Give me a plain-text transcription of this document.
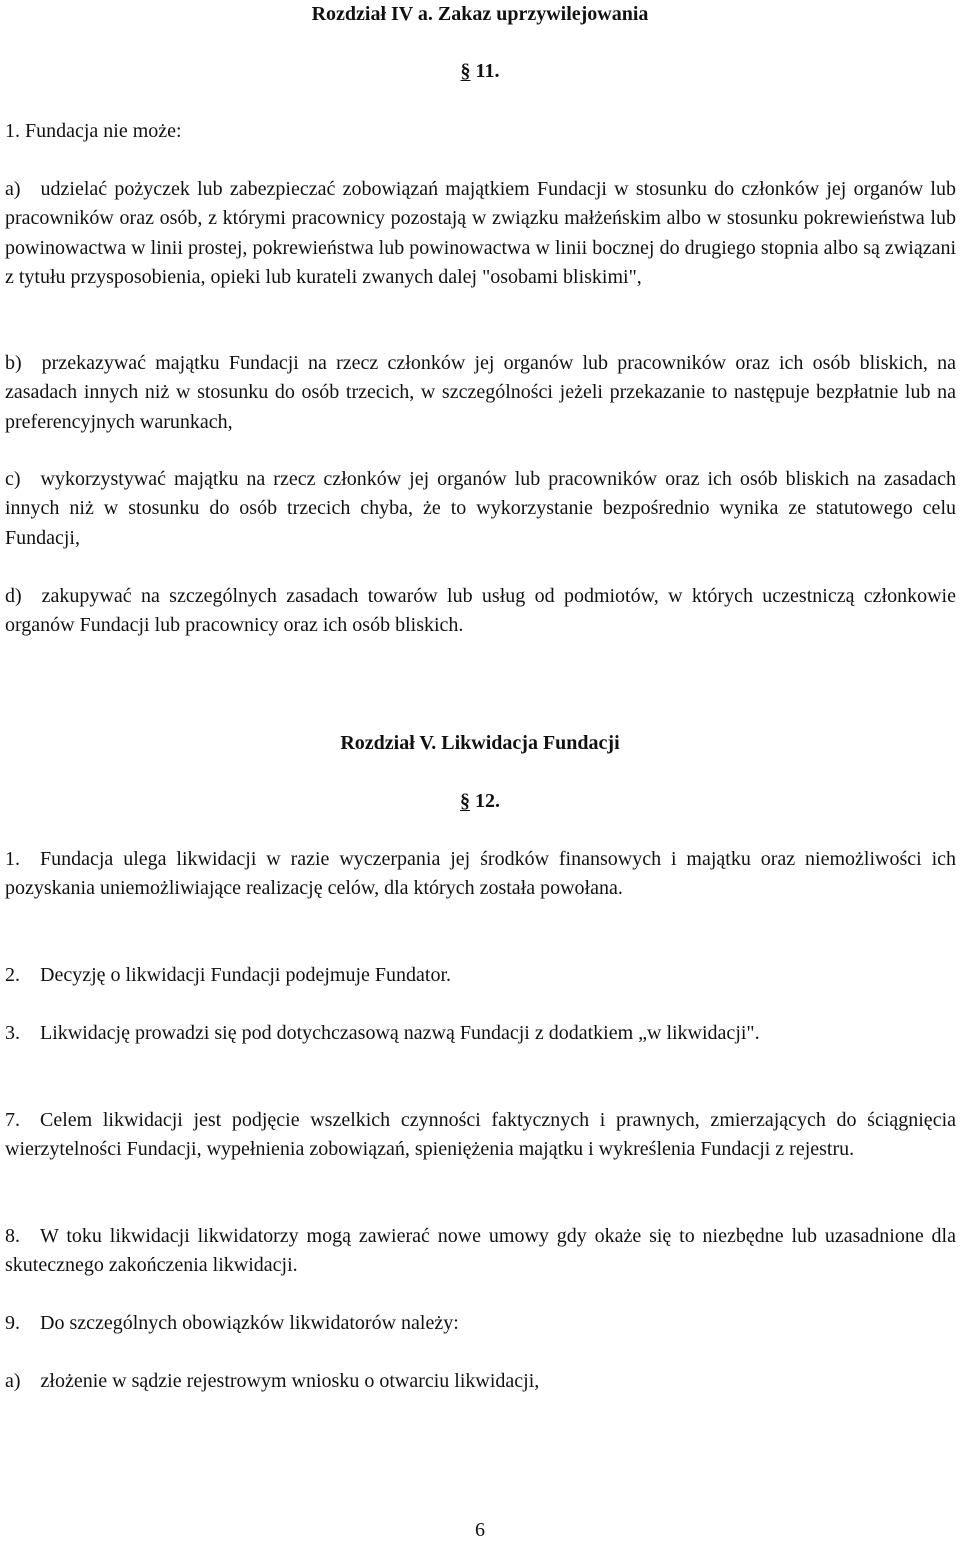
Rozdział IV a. Zakaz uprzywilejowania
§ 11.

1. Fundacja nie może:

a) udzielać pożyczek lub zabezpieczać zobowiązań majątkiem Fundacji w stosunku do członków jej organów lub pracowników oraz osób, z którymi pracownicy pozostają w związku małżeńskim albo w stosunku pokrewieństwa lub powinowactwa w linii prostej, pokrewieństwa lub powinowactwa w linii bocznej do drugiego stopnia albo są związani z tytułu przysposobienia, opieki lub kurateli zwanych dalej "osobami bliskimi",

b) przekazywać majątku Fundacji na rzecz członków jej organów lub pracowników oraz ich osób bliskich, na zasadach innych niż w stosunku do osób trzecich, w szczególności jeżeli przekazanie to następuje bezpłatnie lub na preferencyjnych warunkach,

c) wykorzystywać majątku na rzecz członków jej organów lub pracowników oraz ich osób bliskich na zasadach innych niż w stosunku do osób trzecich chyba, że to wykorzystanie bezpośrednio wynika ze statutowego celu Fundacji,

d) zakupywać na szczególnych zasadach towarów lub usług od podmiotów, w których uczestniczą członkowie organów Fundacji lub pracownicy oraz ich osób bliskich.

Rozdział V. Likwidacja Fundacji
§ 12.

1. Fundacja ulega likwidacji w razie wyczerpania jej środków finansowych i majątku oraz niemożliwości ich pozyskania uniemożliwiające realizację celów, dla których została powołana.

2. Decyzję o likwidacji Fundacji podejmuje Fundator.

3. Likwidację prowadzi się pod dotychczasową nazwą Fundacji z dodatkiem „w likwidacji".

7. Celem likwidacji jest podjęcie wszelkich czynności faktycznych i prawnych, zmierzających do ściągnięcia wierzytelności Fundacji, wypełnienia zobowiązań, spieniężenia majątku i wykreślenia Fundacji z rejestru.

8. W toku likwidacji likwidatorzy mogą zawierać nowe umowy gdy okaże się to niezbędne lub uzasadnione dla skutecznego zakończenia likwidacji.

9. Do szczególnych obowiązków likwidatorów należy:

a) złożenie w sądzie rejestrowym wniosku o otwarciu likwidacji,

6
